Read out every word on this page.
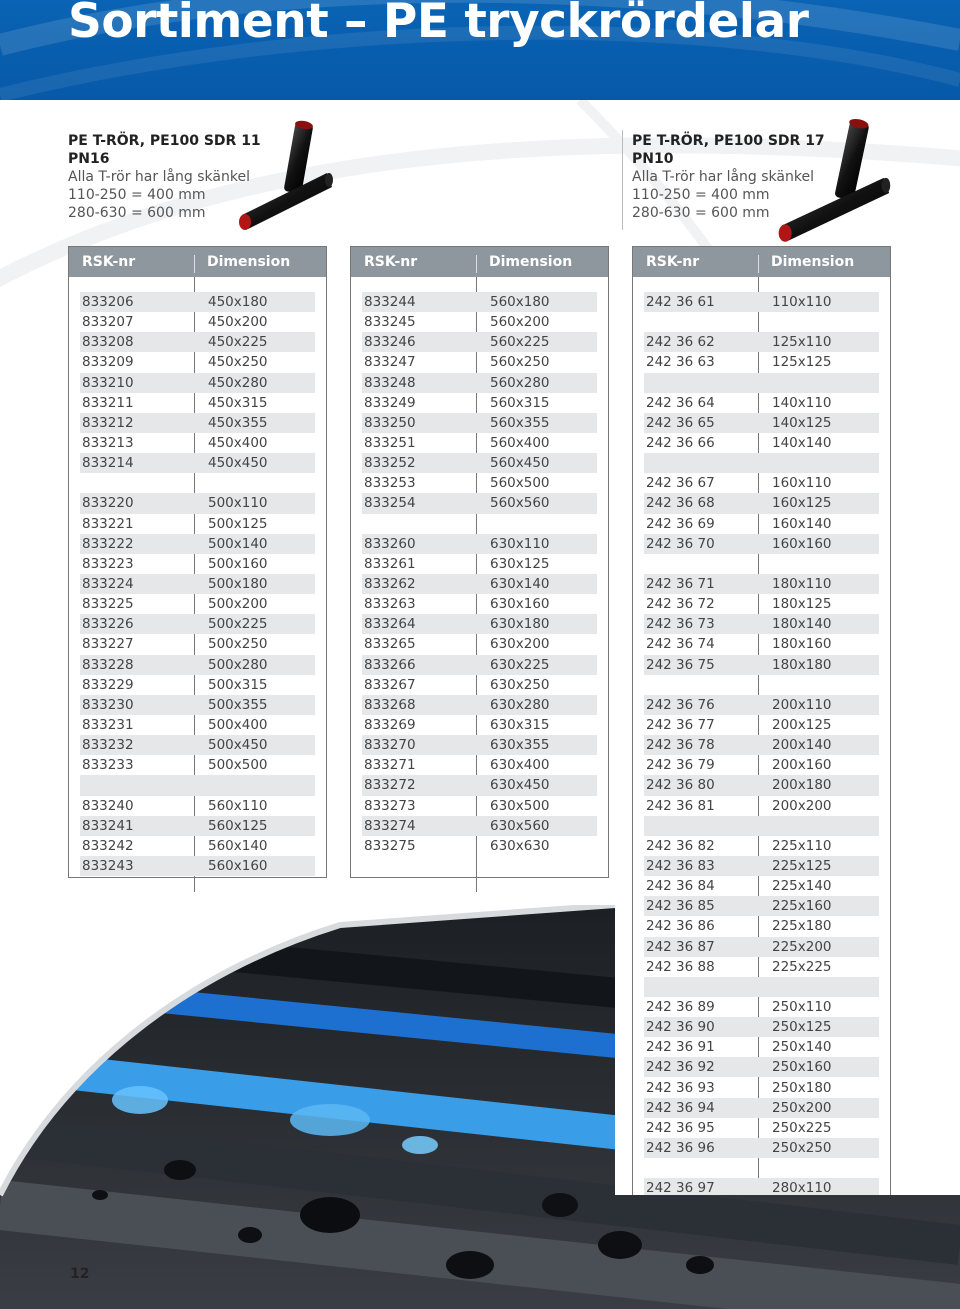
Sortiment – PE tryckrördelar
PE T-RÖR, PE100 SDR 11
PN16
Alla T-rör har lång skänkel
110-250 = 400 mm
280-630 = 600 mm
PE T-RÖR, PE100 SDR 17
PN10
Alla T-rör har lång skänkel
110-250 = 400 mm
280-630 = 600 mm
RSK-nr	Dimension
833206	450x180
833207	450x200
833208	450x225
833209	450x250
833210	450x280
833211	450x315
833212	450x355
833213	450x400
833214	450x450
833220	500x110
833221	500x125
833222	500x140
833223	500x160
833224	500x180
833225	500x200
833226	500x225
833227	500x250
833228	500x280
833229	500x315
833230	500x355
833231	500x400
833232	500x450
833233	500x500
833240	560x110
833241	560x125
833242	560x140
833243	560x160
RSK-nr	Dimension
833244	560x180
833245	560x200
833246	560x225
833247	560x250
833248	560x280
833249	560x315
833250	560x355
833251	560x400
833252	560x450
833253	560x500
833254	560x560
833260	630x110
833261	630x125
833262	630x140
833263	630x160
833264	630x180
833265	630x200
833266	630x225
833267	630x250
833268	630x280
833269	630x315
833270	630x355
833271	630x400
833272	630x450
833273	630x500
833274	630x560
833275	630x630
RSK-nr	Dimension
242 36 61	110x110
242 36 62	125x110
242 36 63	125x125
242 36 64	140x110
242 36 65	140x125
242 36 66	140x140
242 36 67	160x110
242 36 68	160x125
242 36 69	160x140
242 36 70	160x160
242 36 71	180x110
242 36 72	180x125
242 36 73	180x140
242 36 74	180x160
242 36 75	180x180
242 36 76	200x110
242 36 77	200x125
242 36 78	200x140
242 36 79	200x160
242 36 80	200x180
242 36 81	200x200
242 36 82	225x110
242 36 83	225x125
242 36 84	225x140
242 36 85	225x160
242 36 86	225x180
242 36 87	225x200
242 36 88	225x225
242 36 89	250x110
242 36 90	250x125
242 36 91	250x140
242 36 92	250x160
242 36 93	250x180
242 36 94	250x200
242 36 95	250x225
242 36 96	250x250
242 36 97	280x110
12
